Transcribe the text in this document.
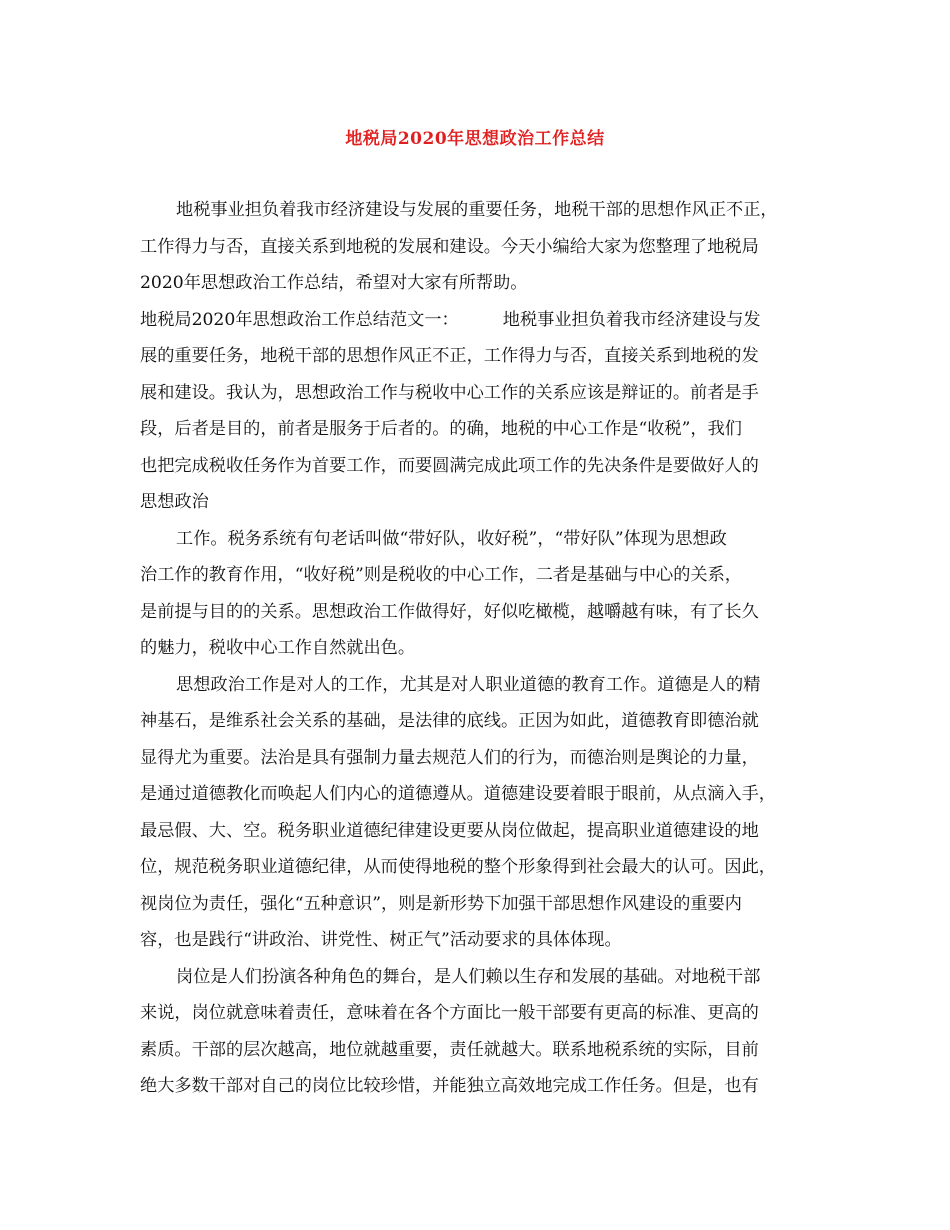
地税局2020年思想政治工作总结
地税事业担负着我市经济建设与发展的重要任务，地税干部的思想作风正不正，
工作得力与否，直接关系到地税的发展和建设。今天小编给大家为您整理了地税局
2020年思想政治工作总结，希望对大家有所帮助。
地税局2020年思想政治工作总结范文一：	地税事业担负着我市经济建设与发
展的重要任务，地税干部的思想作风正不正，工作得力与否，直接关系到地税的发
展和建设。我认为，思想政治工作与税收中心工作的关系应该是辩证的。前者是手
段，后者是目的，前者是服务于后者的。的确，地税的中心工作是“收税”，我们
也把完成税收任务作为首要工作，而要圆满完成此项工作的先决条件是要做好人的
思想政治
工作。税务系统有句老话叫做“带好队，收好税”，“带好队”体现为思想政
治工作的教育作用，“收好税”则是税收的中心工作，二者是基础与中心的关系，
是前提与目的的关系。思想政治工作做得好，好似吃橄榄，越嚼越有味，有了长久
的魅力，税收中心工作自然就出色。
思想政治工作是对人的工作，尤其是对人职业道德的教育工作。道德是人的精
神基石，是维系社会关系的基础，是法律的底线。正因为如此，道德教育即德治就
显得尤为重要。法治是具有强制力量去规范人们的行为，而德治则是舆论的力量，
是通过道德教化而唤起人们内心的道德遵从。道德建设要着眼于眼前，从点滴入手，
最忌假、大、空。税务职业道德纪律建设更要从岗位做起，提高职业道德建设的地
位，规范税务职业道德纪律，从而使得地税的整个形象得到社会最大的认可。因此，
视岗位为责任，强化“五种意识”，则是新形势下加强干部思想作风建设的重要内
容，也是践行“讲政治、讲党性、树正气”活动要求的具体体现。
岗位是人们扮演各种角色的舞台，是人们赖以生存和发展的基础。对地税干部
来说，岗位就意味着责任，意味着在各个方面比一般干部要有更高的标准、更高的
素质。干部的层次越高，地位就越重要，责任就越大。联系地税系统的实际，目前
绝大多数干部对自己的岗位比较珍惜，并能独立高效地完成工作任务。但是，也有
